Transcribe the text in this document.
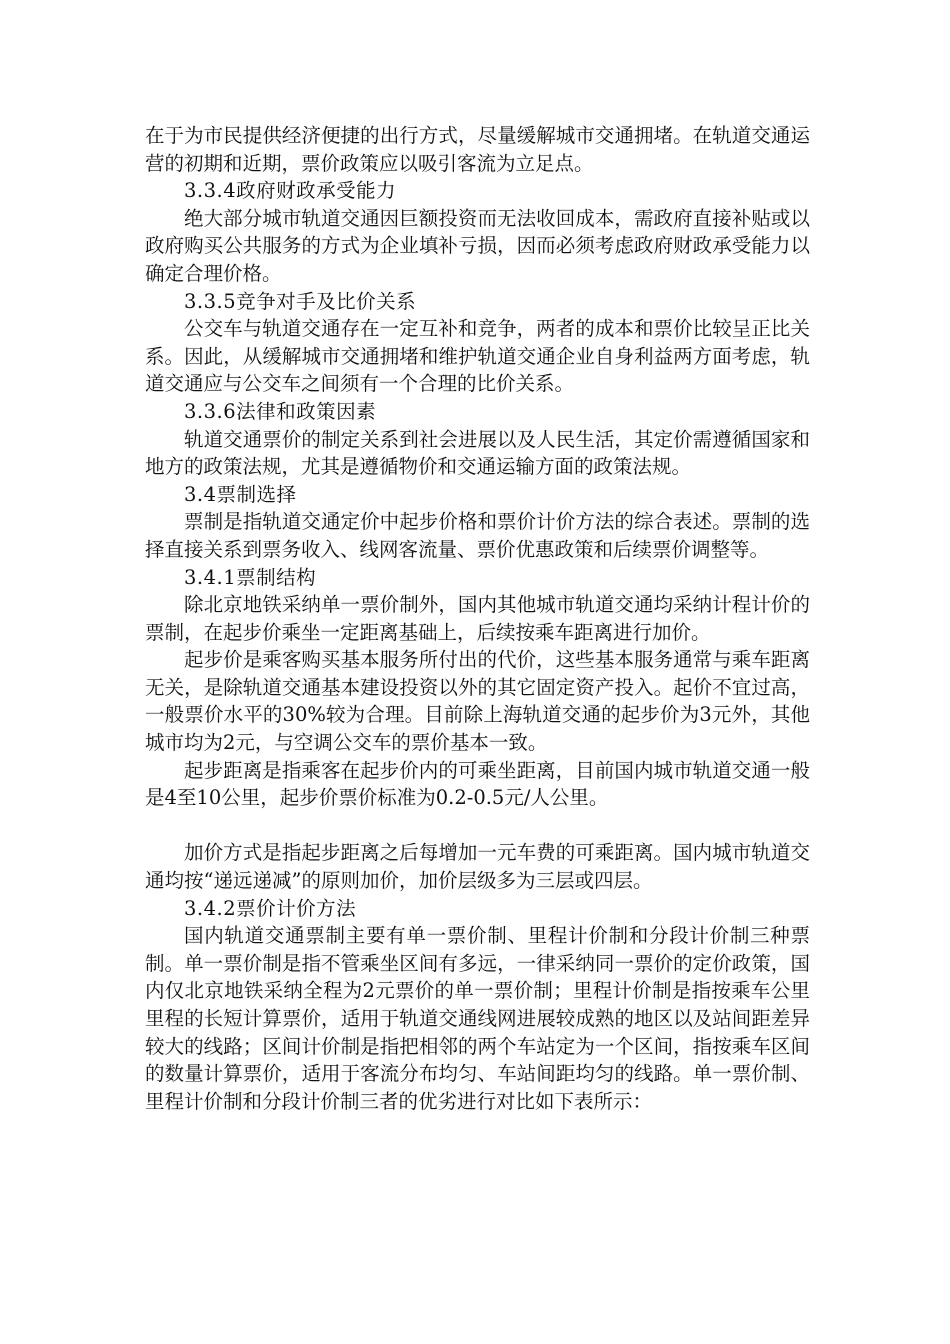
在于为市民提供经济便捷的出行方式，尽量缓解城市交通拥堵。在轨道交通运营的初期和近期，票价政策应以吸引客流为立足点。

3.3.4政府财政承受能力

绝大部分城市轨道交通因巨额投资而无法收回成本，需政府直接补贴或以政府购买公共服务的方式为企业填补亏损，因而必须考虑政府财政承受能力以确定合理价格。

3.3.5竞争对手及比价关系

公交车与轨道交通存在一定互补和竞争，两者的成本和票价比较呈正比关系。因此，从缓解城市交通拥堵和维护轨道交通企业自身利益两方面考虑，轨道交通应与公交车之间须有一个合理的比价关系。

3.3.6法律和政策因素

轨道交通票价的制定关系到社会进展以及人民生活，其定价需遵循国家和地方的政策法规，尤其是遵循物价和交通运输方面的政策法规。

3.4票制选择

票制是指轨道交通定价中起步价格和票价计价方法的综合表述。票制的选择直接关系到票务收入、线网客流量、票价优惠政策和后续票价调整等。

3.4.1票制结构

除北京地铁采纳单一票价制外，国内其他城市轨道交通均采纳计程计价的票制，在起步价乘坐一定距离基础上，后续按乘车距离进行加价。

起步价是乘客购买基本服务所付出的代价，这些基本服务通常与乘车距离无关，是除轨道交通基本建设投资以外的其它固定资产投入。起价不宜过高，一般票价水平的30%较为合理。目前除上海轨道交通的起步价为3元外，其他城市均为2元，与空调公交车的票价基本一致。

起步距离是指乘客在起步价内的可乘坐距离，目前国内城市轨道交通一般是4至10公里，起步价票价标准为0.2-0.5元/人公里。

加价方式是指起步距离之后每增加一元车费的可乘距离。国内城市轨道交通均按“递远递减”的原则加价，加价层级多为三层或四层。

3.4.2票价计价方法

国内轨道交通票制主要有单一票价制、里程计价制和分段计价制三种票制。单一票价制是指不管乘坐区间有多远，一律采纳同一票价的定价政策，国内仅北京地铁采纳全程为2元票价的单一票价制；里程计价制是指按乘车公里里程的长短计算票价，适用于轨道交通线网进展较成熟的地区以及站间距差异较大的线路；区间计价制是指把相邻的两个车站定为一个区间，指按乘车区间的数量计算票价，适用于客流分布均匀、车站间距均匀的线路。单一票价制、里程计价制和分段计价制三者的优劣进行对比如下表所示：
